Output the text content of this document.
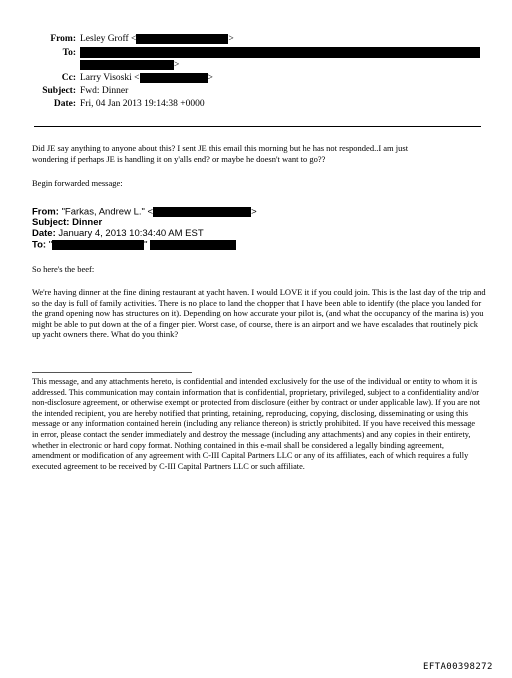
From: Lesley Groff <	>
To:
>
Cc: Larry Visoski <	>
Subject: Fwd: Dinner
Date: Fri, 04 Jan 2013 19:14:38 +0000
Did JE say anything to anyone about this? I sent JE this email this morning but he has not responded..I am just
wondering if perhaps JE is handling it on y'alls end? or maybe he doesn't want to go??
Begin forwarded message:
From: "Farkas, Andrew L." <	>
Subject: Dinner
Date: January 4, 2013 10:34:40 AM EST
To: "	"
So here's the beef:
We're having dinner at the fine dining restaurant at yacht haven. I would LOVE it if you could join. This is the last day of the trip and so the day is full of family activities. There is no place to land the chopper that I have been able to identify (the place you landed for the grand opening now has structures on it). Depending on how accurate your pilot is, (and what the occupancy of the marina is) you might be able to put down at the of a finger pier. Worst case, of course, there is an airport and we have escalades that routinely pick up yacht owners there. What do you think?
This message, and any attachments hereto, is confidential and intended exclusively for the use of the individual or entity to whom it is addressed. This communication may contain information that is confidential, proprietary, privileged, subject to a confidentiality and/or non-disclosure agreement, or otherwise exempt or protected from disclosure (either by contract or under applicable law). If you are not the intended recipient, you are hereby notified that printing, retaining, reproducing, copying, disclosing, disseminating or using this message or any information contained herein (including any reliance thereon) is strictly prohibited. If you have received this message in error, please contact the sender immediately and destroy the message (including any attachments) and any copies in their entirety, whether in electronic or hard copy format. Nothing contained in this e-mail shall be considered a legally binding agreement, amendment or modification of any agreement with C-III Capital Partners LLC or any of its affiliates, each of which requires a fully executed agreement to be received by C-III Capital Partners LLC or such affiliate.
EFTA00398272
